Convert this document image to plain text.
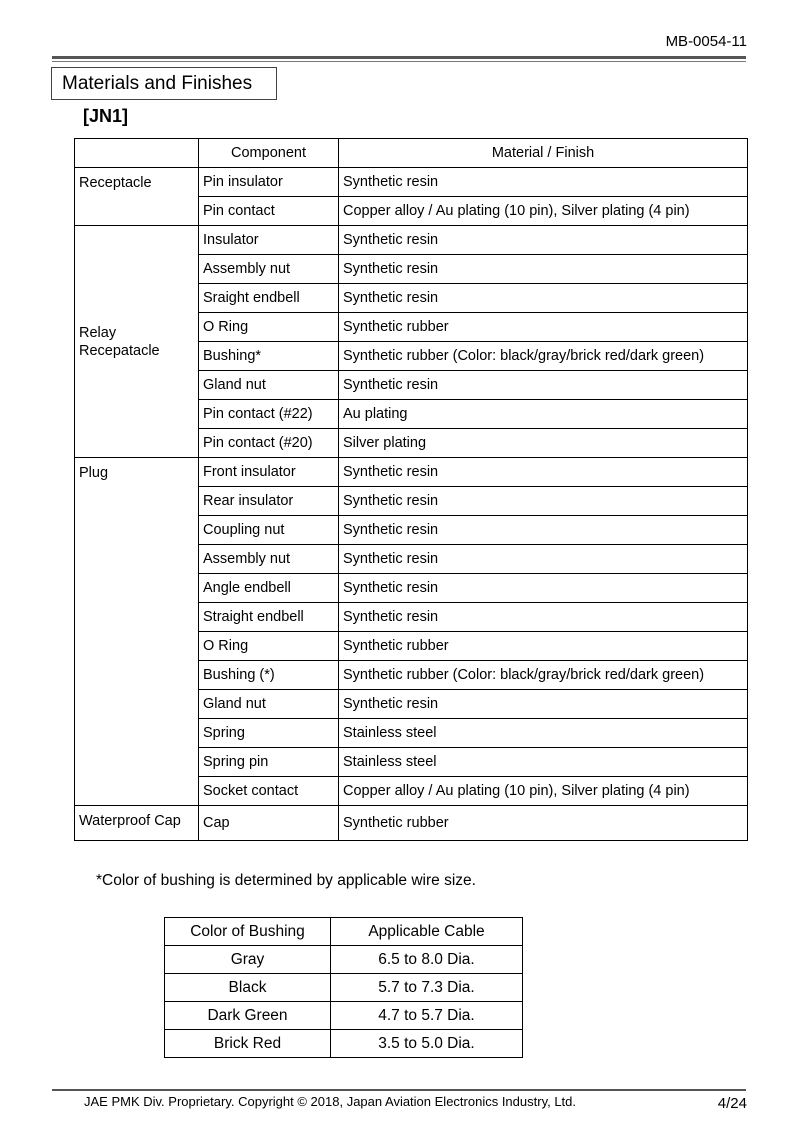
MB-0054-11
Materials and Finishes
[JN1]
	Component	Material / Finish
Receptacle	Pin insulator	Synthetic resin
	Pin contact	Copper alloy / Au plating (10 pin), Silver plating (4 pin)
Relay Recepatacle	Insulator	Synthetic resin
	Assembly nut	Synthetic resin
	Sraight endbell	Synthetic resin
	O Ring	Synthetic rubber
	Bushing*	Synthetic rubber (Color: black/gray/brick red/dark green)
	Gland nut	Synthetic resin
	Pin contact (#22)	Au plating
	Pin contact (#20)	Silver plating
Plug	Front insulator	Synthetic resin
	Rear insulator	Synthetic resin
	Coupling nut	Synthetic resin
	Assembly nut	Synthetic resin
	Angle endbell	Synthetic resin
	Straight endbell	Synthetic resin
	O Ring	Synthetic rubber
	Bushing (*)	Synthetic rubber (Color: black/gray/brick red/dark green)
	Gland nut	Synthetic resin
	Spring	Stainless steel
	Spring pin	Stainless steel
	Socket contact	Copper alloy / Au plating (10 pin), Silver plating (4 pin)
Waterproof Cap	Cap	Synthetic rubber
*Color of bushing is determined by applicable wire size.
Color of Bushing	Applicable Cable
Gray	6.5 to 8.0 Dia.
Black	5.7 to 7.3 Dia.
Dark Green	4.7 to 5.7 Dia.
Brick Red	3.5 to 5.0 Dia.
JAE PMK Div. Proprietary. Copyright © 2018, Japan Aviation Electronics Industry, Ltd.	4/24
